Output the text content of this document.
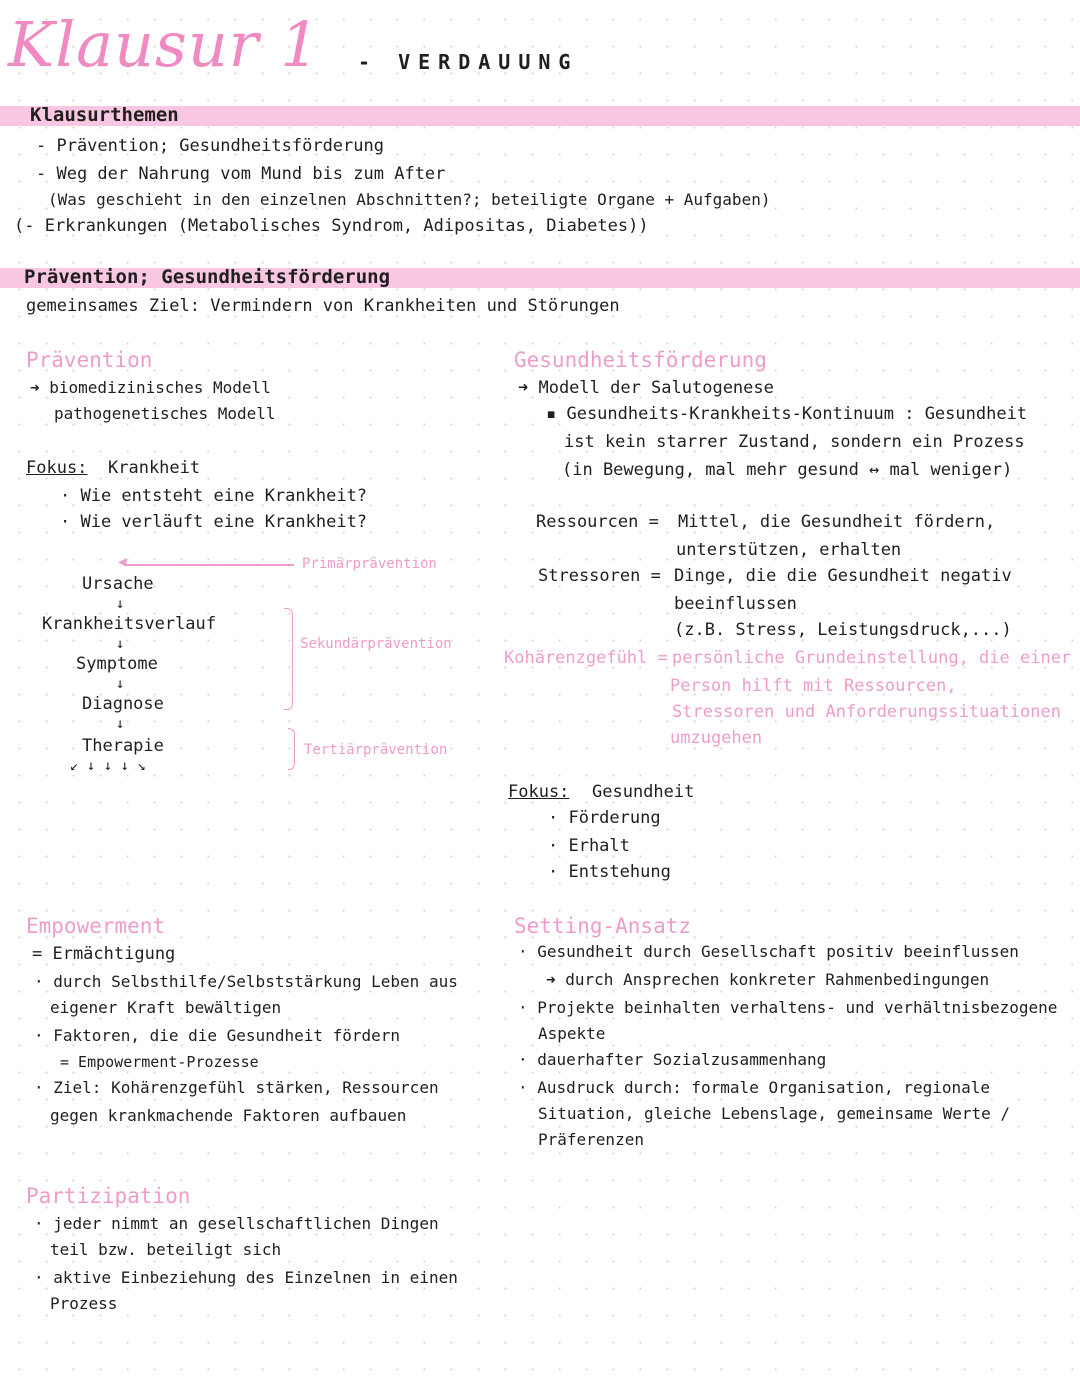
Klausur 1 - VERDAUUNG
Klausurthemen
- Prävention; Gesundheitsförderung
- Weg der Nahrung vom Mund bis zum After
(Was geschieht in den einzelnen Abschnitten?; beteiligte Organe + Aufgaben)
(- Erkrankungen (Metabolisches Syndrom, Adipositas, Diabetes))
Prävention; Gesundheitsförderung
gemeinsames Ziel: Vermindern von Krankheiten und Störungen
Prävention
➜ biomedizinisches Modell
pathogenetisches Modell
Fokus: Krankheit
· Wie entsteht eine Krankheit?
· Wie verläuft eine Krankheit?
◀	Primärprävention
Ursache
↓
Krankheitsverlauf
↓
Symptome
↓
Diagnose
↓
Therapie
↙ ↓ ↓ ↓ ↘
Sekundärprävention
Tertiärprävention
Gesundheitsförderung
➜ Modell der Salutogenese
▪ Gesundheits-Krankheits-Kontinuum : Gesundheit
ist kein starrer Zustand, sondern ein Prozess
(in Bewegung, mal mehr gesund ↔ mal weniger)
Ressourcen = Mittel, die Gesundheit fördern,
unterstützen, erhalten
Stressoren = Dinge, die die Gesundheit negativ
beeinflussen
(z.B. Stress, Leistungsdruck,...)
Kohärenzgefühl = persönliche Grundeinstellung, die einer
Person hilft mit Ressourcen,
Stressoren und Anforderungssituationen
umzugehen
Fokus: Gesundheit
· Förderung
· Erhalt
· Entstehung
Empowerment
= Ermächtigung
· durch Selbsthilfe/Selbststärkung Leben aus
eigener Kraft bewältigen
· Faktoren, die die Gesundheit fördern
= Empowerment-Prozesse
· Ziel: Kohärenzgefühl stärken, Ressourcen
gegen krankmachende Faktoren aufbauen
Setting-Ansatz
· Gesundheit durch Gesellschaft positiv beeinflussen
➜ durch Ansprechen konkreter Rahmenbedingungen
· Projekte beinhalten verhaltens- und verhältnisbezogene
Aspekte
· dauerhafter Sozialzusammenhang
· Ausdruck durch: formale Organisation, regionale
Situation, gleiche Lebenslage, gemeinsame Werte /
Präferenzen
Partizipation
· jeder nimmt an gesellschaftlichen Dingen
teil bzw. beteiligt sich
· aktive Einbeziehung des Einzelnen in einen
Prozess
